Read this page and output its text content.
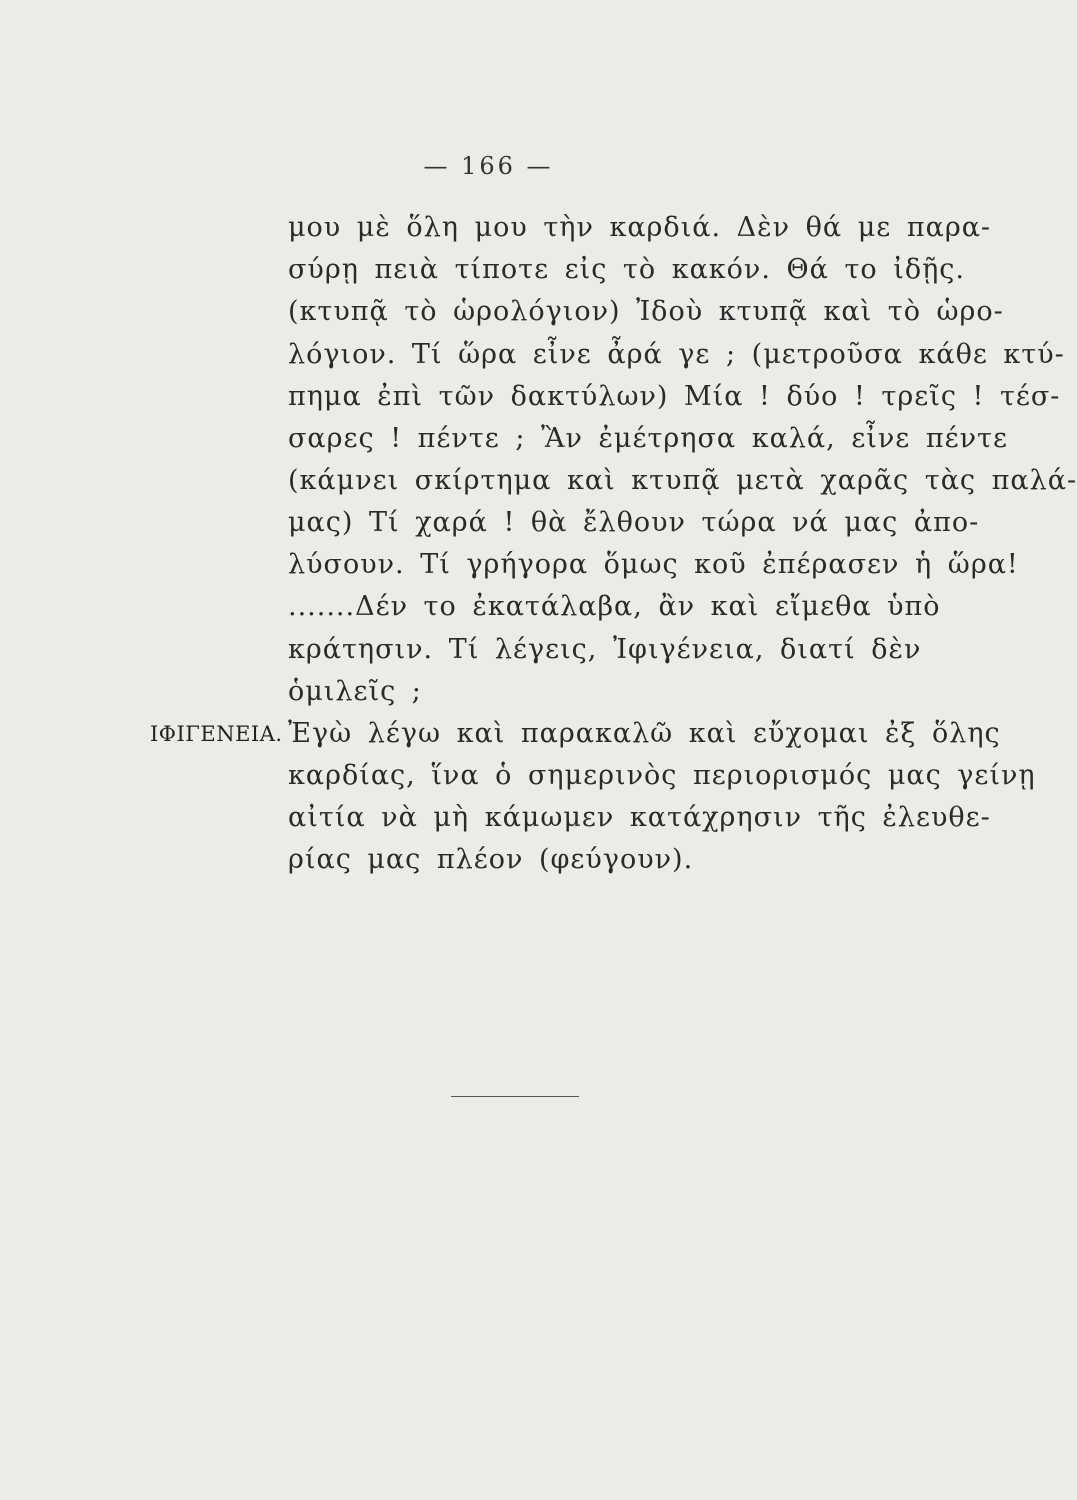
— 166 —
μου μὲ ὅλη μου τὴν καρδιά. Δὲν θά με παρα-
σύρῃ πειὰ τίποτε εἰς τὸ κακόν. Θά το ἰδῇς.
(κτυπᾷ τὸ ὡρολόγιον) Ἰδοὺ κτυπᾷ καὶ τὸ ὡρο-
λόγιον. Τί ὥρα εἶνε ἆρά γε ; (μετροῦσα κάθε κτύ-
πημα ἐπὶ τῶν δακτύλων) Μία ! δύο ! τρεῖς ! τέσ-
σαρες ! πέντε ; Ἂν ἐμέτρησα καλά, εἶνε πέντε
(κάμνει σκίρτημα καὶ κτυπᾷ μετὰ χαρᾶς τὰς παλά-
μας) Τί χαρά ! θὰ ἔλθουν τώρα νά μας ἀπο-
λύσουν. Τί γρήγορα ὅμως κοῦ ἐπέρασεν ἡ ὥρα!
.......Δέν το ἐκατάλαβα, ἂν καὶ εἴμεθα ὑπὸ
κράτησιν. Τί λέγεις, Ἰφιγένεια, διατί δὲν
ὁμιλεῖς ;
ΙΦΙΓΕΝΕΙΑ. Ἐγὼ λέγω καὶ παρακαλῶ καὶ εὔχομαι ἐξ ὅλης
καρδίας, ἵνα ὁ σημερινὸς περιορισμός μας γείνῃ
αἰτία νὰ μὴ κάμωμεν κατάχρησιν τῆς ἐλευθε-
ρίας μας πλέον (φεύγουν).
